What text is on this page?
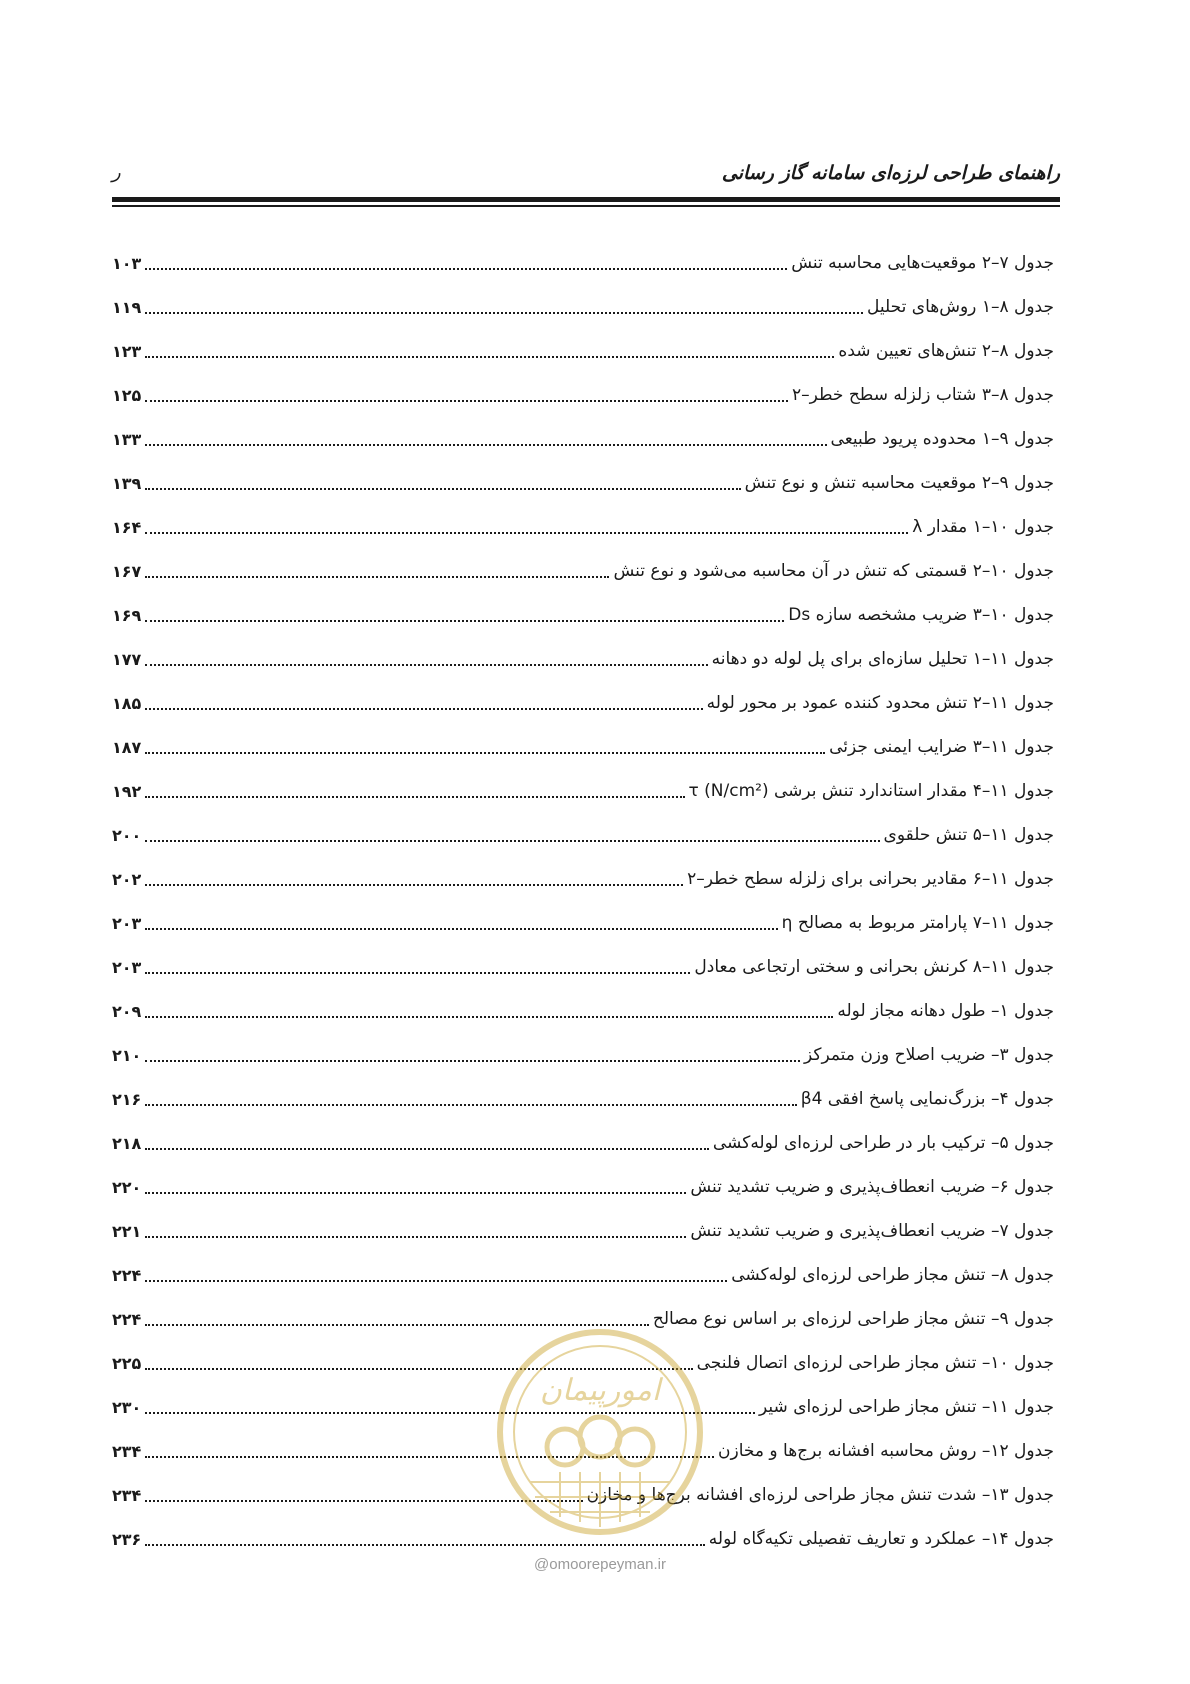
راهنمای طراحی لرزه‌ای سامانه گاز رسانی
ر
جدول ۷–۲ موقعیت‌هایی محاسبه تنش
۱۰۳
جدول ۸–۱ روش‌های تحلیل
۱۱۹
جدول ۸–۲ تنش‌های تعیین شده
۱۲۳
جدول ۸–۳ شتاب زلزله سطح خطر–۲
۱۲۵
جدول ۹–۱ محدوده پریود طبیعی
۱۳۳
جدول ۹–۲ موقعیت محاسبه تنش و نوع تنش
۱۳۹
جدول ۱۰–۱ مقدار λ
۱۶۴
جدول ۱۰–۲ قسمتی که تنش در آن محاسبه می‌شود و نوع تنش
۱۶۷
جدول ۱۰–۳ ضریب مشخصه سازه Ds
۱۶۹
جدول ۱۱–۱ تحلیل سازه‌ای برای پل لوله دو دهانه
۱۷۷
جدول ۱۱–۲ تنش محدود کننده عمود بر محور لوله
۱۸۵
جدول ۱۱–۳ ضرایب ایمنی جزئی
۱۸۷
جدول ۱۱–۴ مقدار استاندارد تنش برشی (N/cm²) τ
۱۹۲
جدول ۱۱–۵ تنش حلقوی
۲۰۰
جدول ۱۱–۶ مقادیر بحرانی برای زلزله سطح خطر–۲
۲۰۲
جدول ۱۱–۷ پارامتر مربوط به مصالح η
۲۰۳
جدول ۱۱–۸ کرنش بحرانی و سختی ارتجاعی معادل
۲۰۳
جدول ۱– طول دهانه مجاز لوله
۲۰۹
جدول ۳– ضریب اصلاح وزن متمرکز
۲۱۰
جدول ۴– بزرگ‌نمایی پاسخ افقی β4
۲۱۶
جدول ۵– ترکیب بار در طراحی لرزه‌ای لوله‌کشی
۲۱۸
جدول ۶– ضریب انعطاف‌پذیری و ضریب تشدید تنش
۲۲۰
جدول ۷– ضریب انعطاف‌پذیری و ضریب تشدید تنش
۲۲۱
جدول ۸– تنش مجاز طراحی لرزه‌ای لوله‌کشی
۲۲۴
جدول ۹– تنش مجاز طراحی لرزه‌ای بر اساس نوع مصالح
۲۲۴
جدول ۱۰– تنش مجاز طراحی لرزه‌ای اتصال فلنجی
۲۲۵
جدول ۱۱– تنش مجاز طراحی لرزه‌ای شیر
۲۳۰
جدول ۱۲– روش محاسبه افشانه برج‌ها و مخازن
۲۳۴
جدول ۱۳– شدت تنش مجاز طراحی لرزه‌ای افشانه برج‌ها و مخازن
۲۳۴
جدول ۱۴– عملکرد و تعاریف تفصیلی تکیه‌گاه لوله
۲۳۶
امورپیمان
@omoorepeyman.ir
